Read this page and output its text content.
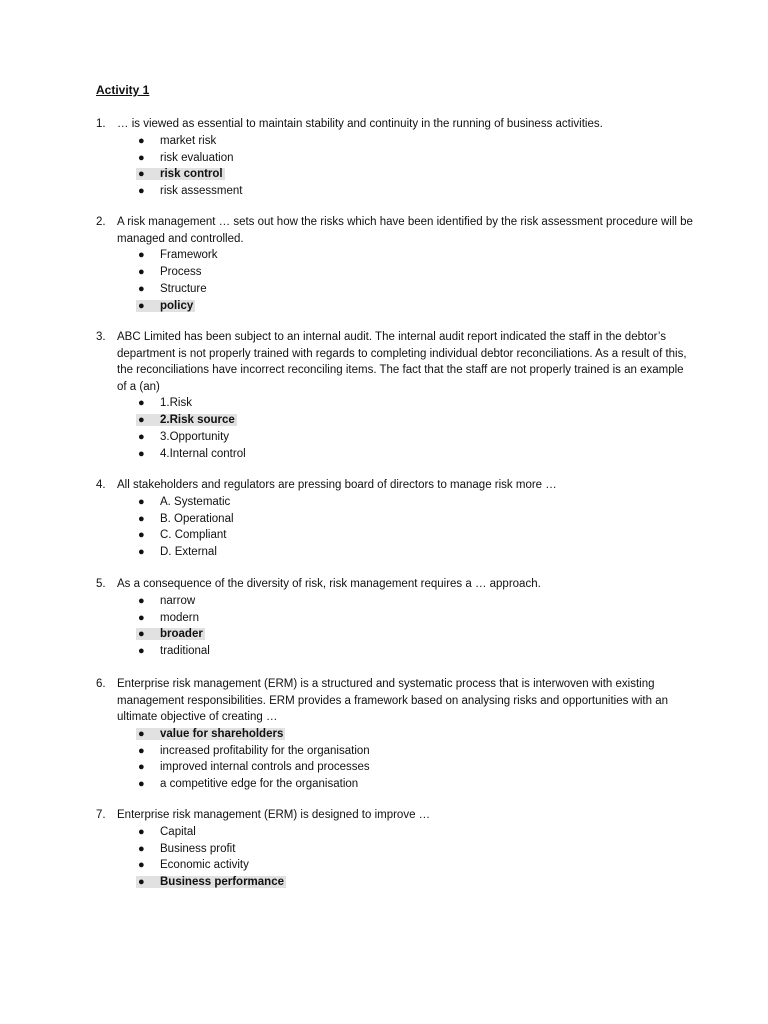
Activity 1
1. … is viewed as essential to maintain stability and continuity in the running of business activities.
●	market risk
●	risk evaluation
●	risk control
●	risk assessment
2. A risk management … sets out how the risks which have been identified by the risk assessment procedure will be managed and controlled.
●	Framework
●	Process
●	Structure
●	policy
3. ABC Limited has been subject to an internal audit. The internal audit report indicated the staff in the debtor’s department is not properly trained with regards to completing individual debtor reconciliations. As a result of this, the reconciliations have incorrect reconciling items. The fact that the staff are not properly trained is an example of a (an)
●	1.Risk
●	2.Risk source
●	3.Opportunity
●	4.Internal control
4. All stakeholders and regulators are pressing board of directors to manage risk more …
●	A. Systematic
●	B. Operational
●	C. Compliant
●	D. External
5. As a consequence of the diversity of risk, risk management requires a … approach.
●	narrow
●	modern
●	broader
●	traditional
6. Enterprise risk management (ERM) is a structured and systematic process that is interwoven with existing management responsibilities. ERM provides a framework based on analysing risks and opportunities with an ultimate objective of creating …
●	value for shareholders
●	increased profitability for the organisation
●	improved internal controls and processes
●	a competitive edge for the organisation
7. Enterprise risk management (ERM) is designed to improve …
●	Capital
●	Business profit
●	Economic activity
●	Business performance
